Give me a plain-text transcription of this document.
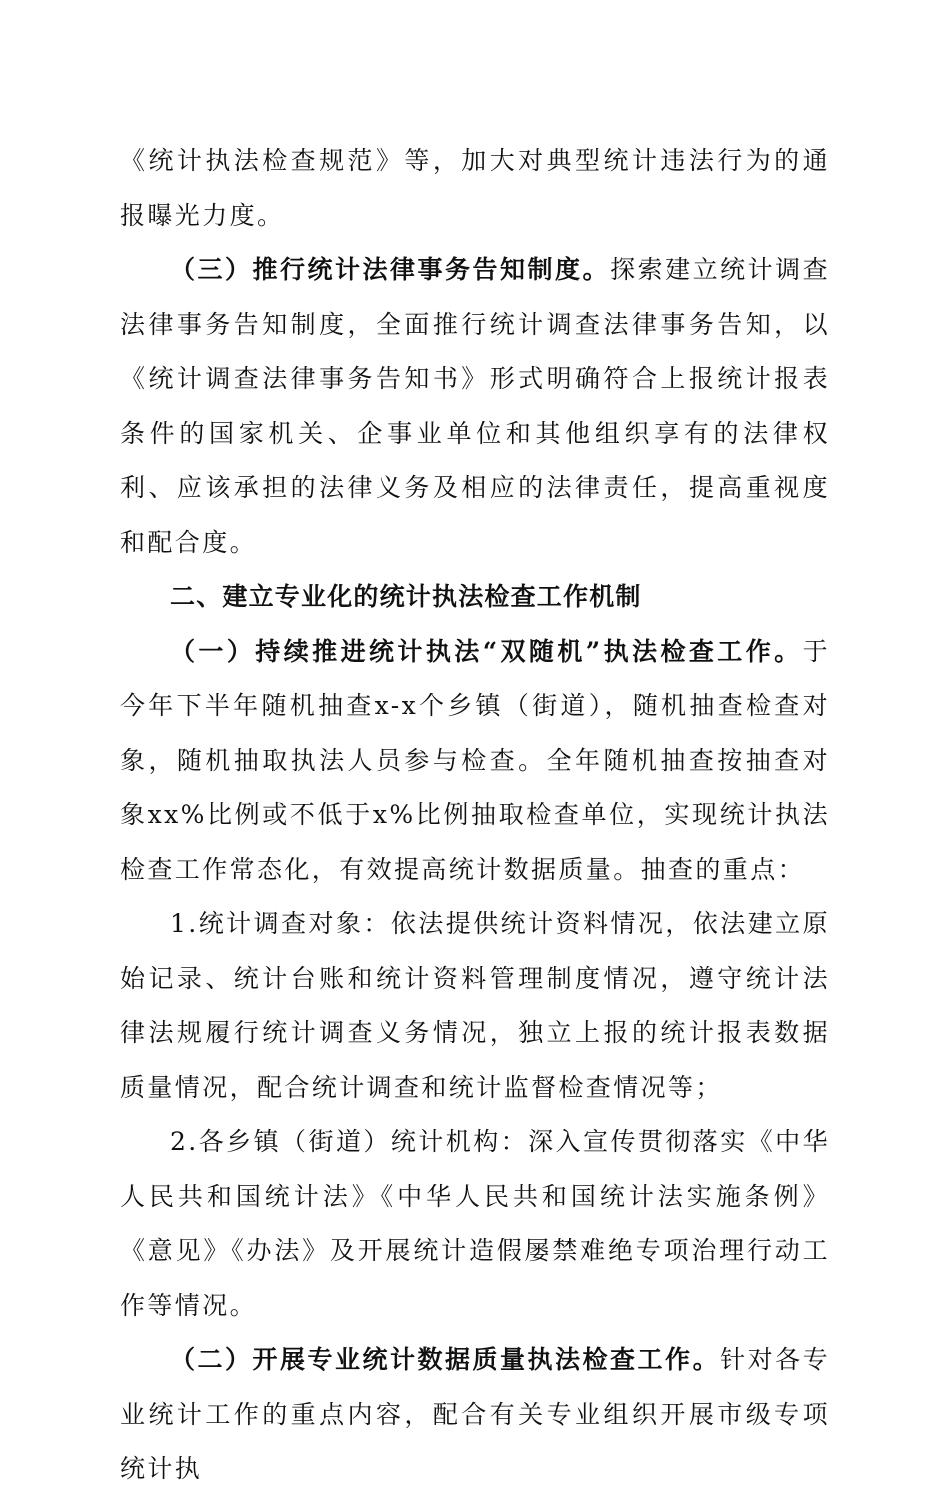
《统计执法检查规范》等，加大对典型统计违法行为的通报曝光力度。

（三）推行统计法律事务告知制度。探索建立统计调查法律事务告知制度，全面推行统计调查法律事务告知，以《统计调查法律事务告知书》形式明确符合上报统计报表条件的国家机关、企事业单位和其他组织享有的法律权利、应该承担的法律义务及相应的法律责任，提高重视度和配合度。

二、建立专业化的统计执法检查工作机制

（一）持续推进统计执法“双随机”执法检查工作。于今年下半年随机抽查x-x个乡镇（街道），随机抽查检查对象，随机抽取执法人员参与检查。全年随机抽查按抽查对象xx%比例或不低于x%比例抽取检查单位，实现统计执法检查工作常态化，有效提高统计数据质量。抽查的重点：

1.统计调查对象：依法提供统计资料情况，依法建立原始记录、统计台账和统计资料管理制度情况，遵守统计法律法规履行统计调查义务情况，独立上报的统计报表数据质量情况，配合统计调查和统计监督检查情况等；

2.各乡镇（街道）统计机构：深入宣传贯彻落实《中华人民共和国统计法》《中华人民共和国统计法实施条例》《意见》《办法》及开展统计造假屡禁难绝专项治理行动工作等情况。

（二）开展专业统计数据质量执法检查工作。针对各专业统计工作的重点内容，配合有关专业组织开展市级专项统计执
